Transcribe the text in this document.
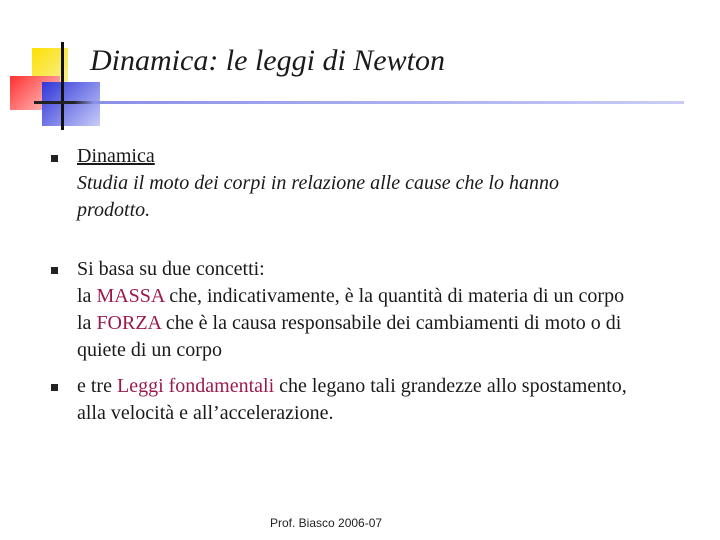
Dinamica: le leggi di Newton
Dinamica
Studia il moto dei corpi in relazione alle cause che lo hanno
prodotto.
Si basa su due concetti:
la MASSA che, indicativamente, è la quantità di materia di un corpo
la FORZA che è la causa responsabile dei cambiamenti di moto o di
quiete di un corpo
e tre Leggi fondamentali che legano tali grandezze allo spostamento,
alla velocità e all’accelerazione.
Prof. Biasco 2006-07
